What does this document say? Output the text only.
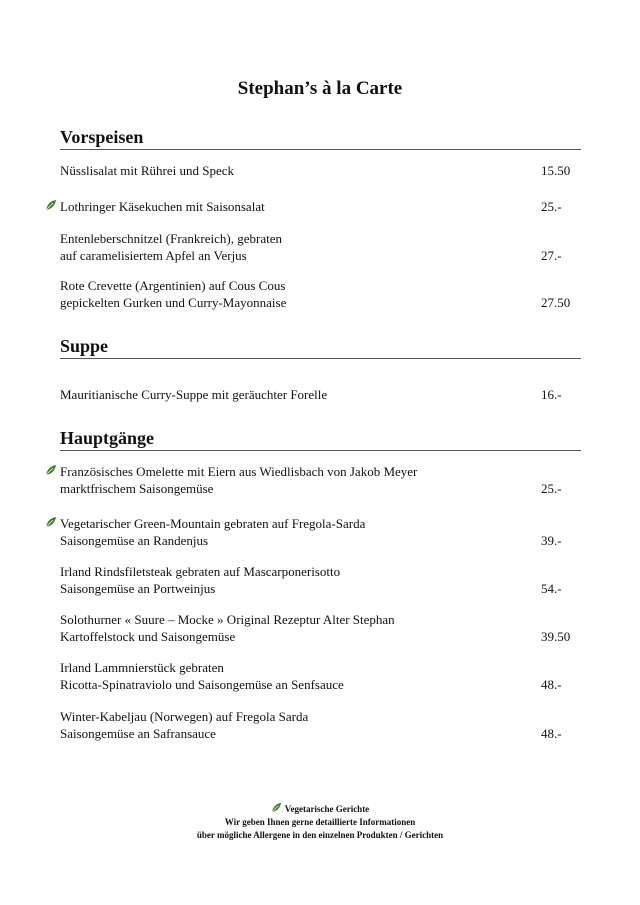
Stephan’s à la Carte
Vorspeisen
Nüsslisalat mit Rührei und Speck	15.50
Lothringer Käsekuchen mit Saisonsalat	25.-
Entenleberschnitzel (Frankreich), gebraten
auf caramelisiertem Apfel an Verjus	27.-
Rote Crevette (Argentinien) auf Cous Cous
gepickelten Gurken und Curry-Mayonnaise	27.50
Suppe
Mauritianische Curry-Suppe mit geräuchter Forelle	16.-
Hauptgänge
Französisches Omelette mit Eiern aus Wiedlisbach von Jakob Meyer
marktfrischem Saisongemüse	25.-
Vegetarischer Green-Mountain gebraten auf Fregola-Sarda
Saisongemüse an Randenjus	39.-
Irland Rindsfiletsteak gebraten auf Mascarponerisotto
Saisongemüse an Portweinjus	54.-
Solothurner « Suure – Mocke » Original Rezeptur Alter Stephan
Kartoffelstock und Saisongemüse	39.50
Irland Lammnierstück gebraten
Ricotta-Spinatraviolo und Saisongemüse an Senfsauce	48.-
Winter-Kabeljau (Norwegen) auf Fregola Sarda
Saisongemüse an Safransauce	48.-
Vegetarische Gerichte
Wir geben Ihnen gerne detaillierte Informationen
über mögliche Allergene in den einzelnen Produkten / Gerichten
